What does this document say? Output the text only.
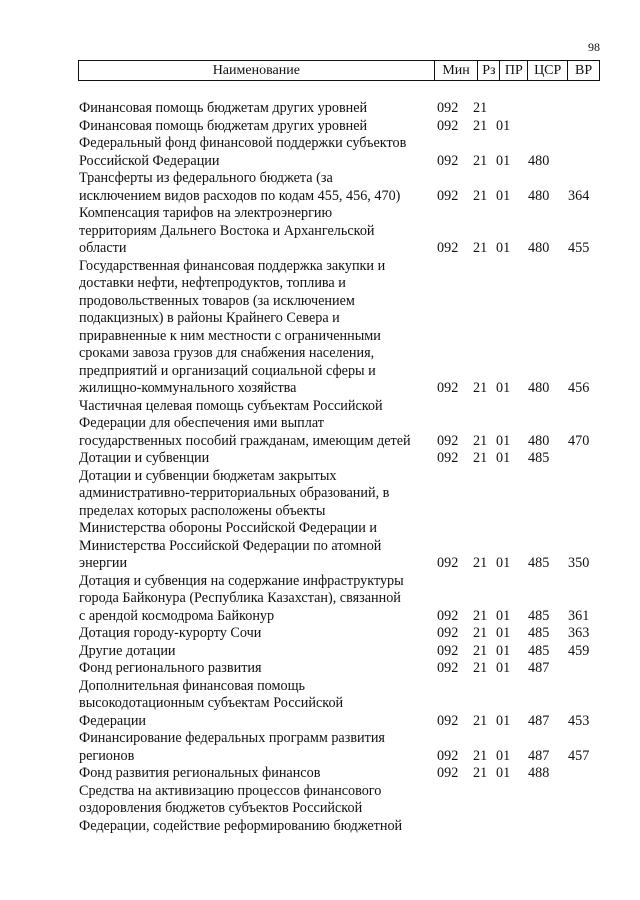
98
Наименование	Мин Рз ПР ЦСР ВР
Финансовая помощь бюджетам других уровней	092 21
Финансовая помощь бюджетам других уровней	092 21 01
Федеральный фонд финансовой поддержки субъектов
Российской Федерации	092 21 01 480
Трансферты из федерального бюджета (за
исключением видов расходов по кодам 455, 456, 470)	092 21 01 480 364
Компенсация тарифов на электроэнергию
территориям Дальнего Востока и Архангельской
области	092 21 01 480 455
Государственная финансовая поддержка закупки и
доставки нефти, нефтепродуктов, топлива и
продовольственных товаров (за исключением
подакцизных) в районы Крайнего Севера и
приравненные к ним местности с ограниченными
сроками завоза грузов для снабжения населения,
предприятий и организаций социальной сферы и
жилищно-коммунального хозяйства	092 21 01 480 456
Частичная целевая помощь субъектам Российской
Федерации для обеспечения ими выплат
государственных пособий гражданам, имеющим детей	092 21 01 480 470
Дотации и субвенции	092 21 01 485
Дотации и субвенции бюджетам закрытых
административно-территориальных образований, в
пределах которых расположены объекты
Министерства обороны Российской Федерации и
Министерства Российской Федерации по атомной
энергии	092 21 01 485 350
Дотация и субвенция на содержание инфраструктуры
города Байконура (Республика Казахстан), связанной
с арендой космодрома Байконур	092 21 01 485 361
Дотация городу-курорту Сочи	092 21 01 485 363
Другие дотации	092 21 01 485 459
Фонд регионального развития	092 21 01 487
Дополнительная финансовая помощь
высокодотационным субъектам Российской
Федерации	092 21 01 487 453
Финансирование федеральных программ развития
регионов	092 21 01 487 457
Фонд развития региональных финансов	092 21 01 488
Средства на активизацию процессов финансового
оздоровления бюджетов субъектов Российской
Федерации, содействие реформированию бюджетной
